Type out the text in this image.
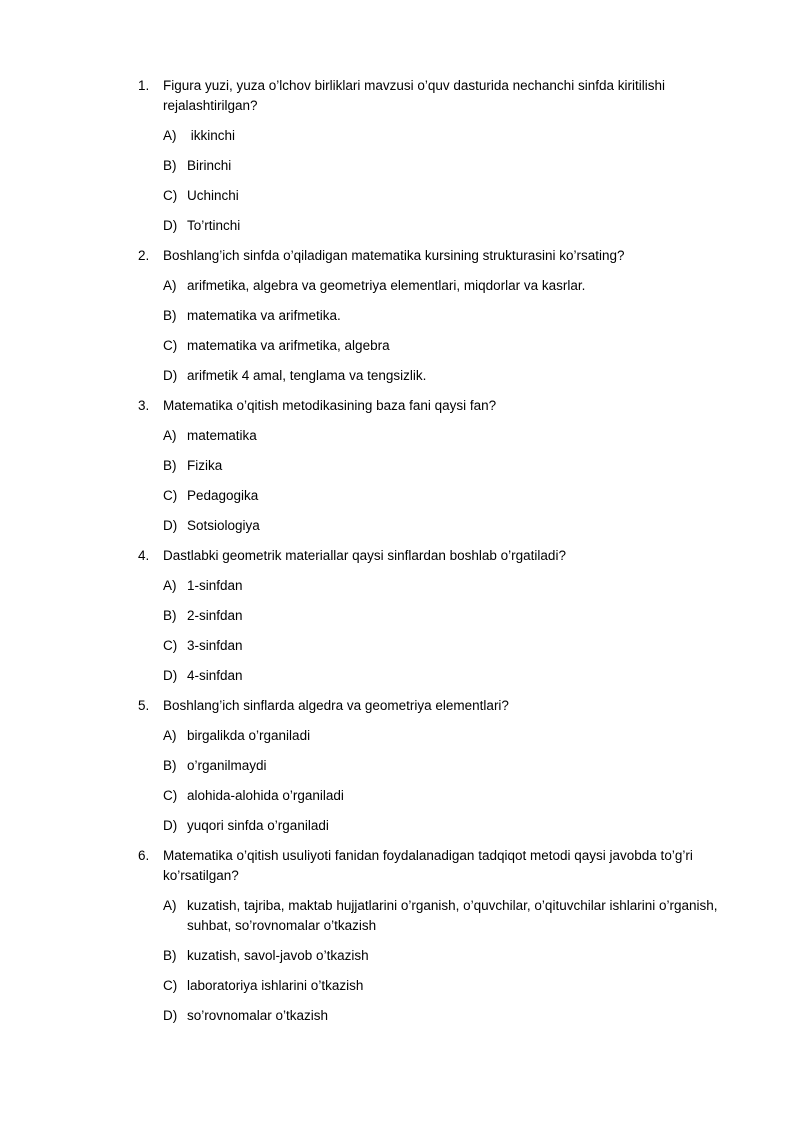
1.	Figura yuzi, yuza o’lchov birliklari mavzusi o’quv dasturida nechanchi sinfda kiritilishi rejalashtirilgan?
A) ikkinchi
B) Birinchi
C) Uchinchi
D) To’rtinchi
2.	Boshlang’ich sinfda o’qiladigan matematika kursining strukturasini ko’rsating?
A) arifmetika, algebra va geometriya elementlari, miqdorlar va kasrlar.
B) matematika va arifmetika.
C) matematika va arifmetika, algebra
D) arifmetik 4 amal, tenglama va tengsizlik.
3.	Matematika o’qitish metodikasining baza fani qaysi fan?
A) matematika
B) Fizika
C) Pedagogika
D) Sotsiologiya
4.	Dastlabki geometrik materiallar qaysi sinflardan boshlab o’rgatiladi?
A) 1-sinfdan
B) 2-sinfdan
C) 3-sinfdan
D) 4-sinfdan
5.	Boshlang’ich sinflarda algedra va geometriya elementlari?
A) birgalikda o’rganiladi
B) o’rganilmaydi
C) alohida-alohida o’rganiladi
D) yuqori sinfda o’rganiladi
6.	Matematika o’qitish usuliyoti fanidan foydalanadigan tadqiqot metodi qaysi javobda to’g’ri ko’rsatilgan?
A) kuzatish, tajriba, maktab hujjatlarini o’rganish, o’quvchilar, o’qituvchilar ishlarini o’rganish, suhbat, so’rovnomalar o’tkazish
B) kuzatish, savol-javob o’tkazish
C) laboratoriya ishlarini o’tkazish
D) so’rovnomalar o’tkazish
